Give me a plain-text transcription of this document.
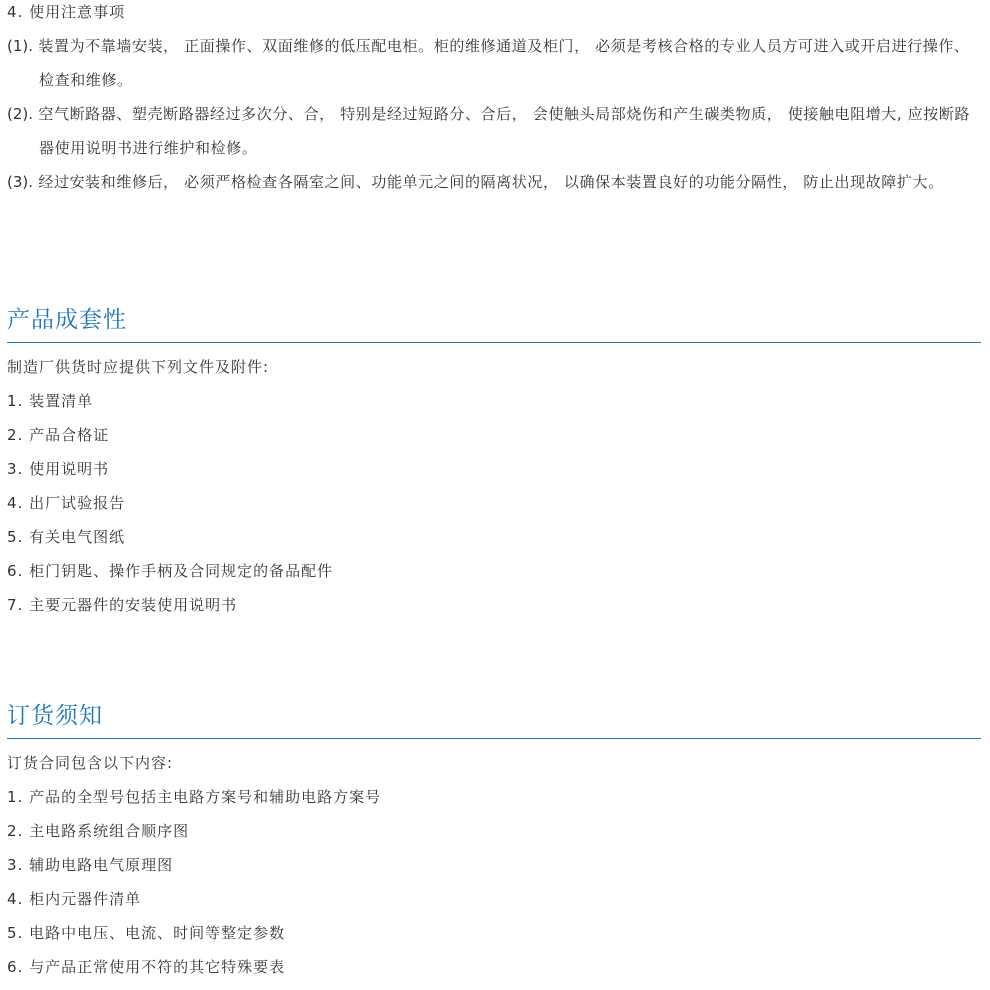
4. 使用注意事项
(1). 装置为不靠墙安装， 正面操作、双面维修的低压配电柜。柜的维修通道及柜门， 必须是考核合格的专业人员方可进入或开启进行操作、检查和维修。
(2). 空气断路器、塑壳断路器经过多次分、合， 特别是经过短路分、合后， 会使触头局部烧伤和产生碳类物质， 使接触电阻增大, 应按断路器使用说明书进行维护和检修。
(3). 经过安装和维修后， 必须严格检查各隔室之间、功能单元之间的隔离状况， 以确保本装置良好的功能分隔性， 防止出现故障扩大。
产品成套性
制造厂供货时应提供下列文件及附件:
1. 装置清单
2. 产品合格证
3. 使用说明书
4. 出厂试验报告
5. 有关电气图纸
6. 柜门钥匙、操作手柄及合同规定的备品配件
7. 主要元器件的安装使用说明书
订货须知
订货合同包含以下内容:
1. 产品的全型号包括主电路方案号和辅助电路方案号
2. 主电路系统组合顺序图
3. 辅助电路电气原理图
4. 柜内元器件清单
5. 电路中电压、电流、时间等整定参数
6. 与产品正常使用不符的其它特殊要表
